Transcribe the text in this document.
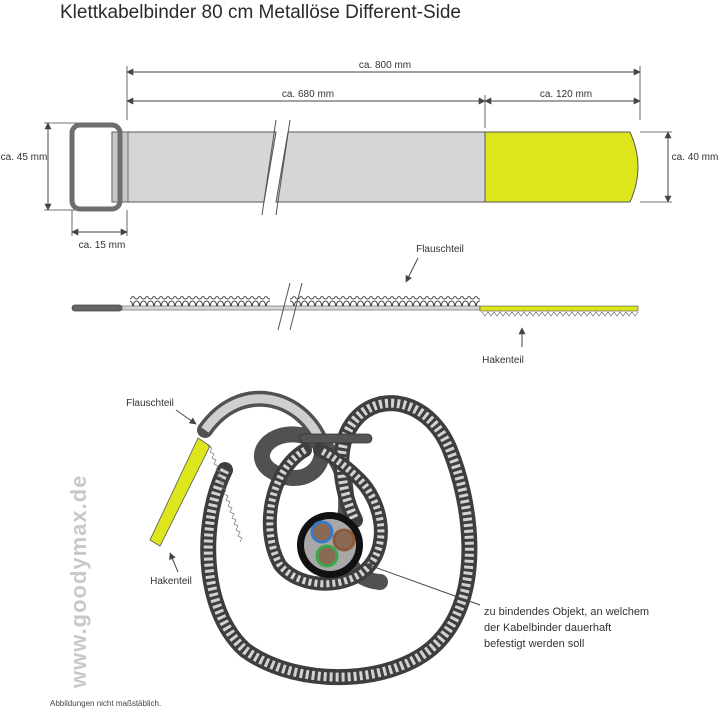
Klettkabelbinder 80 cm Metallöse Different-Side
ca. 800 mm
ca. 680 mm	ca. 120 mm
ca. 45 mm	ca. 40 mm
ca. 15 mm	Flauschteil
Hakenteil
Flauschteil
Hakenteil
zu bindendes Objekt, an welchem
der Kabelbinder dauerhaft
befestigt werden soll
www.goodymax.de
Abbildungen nicht maßstäblich.
